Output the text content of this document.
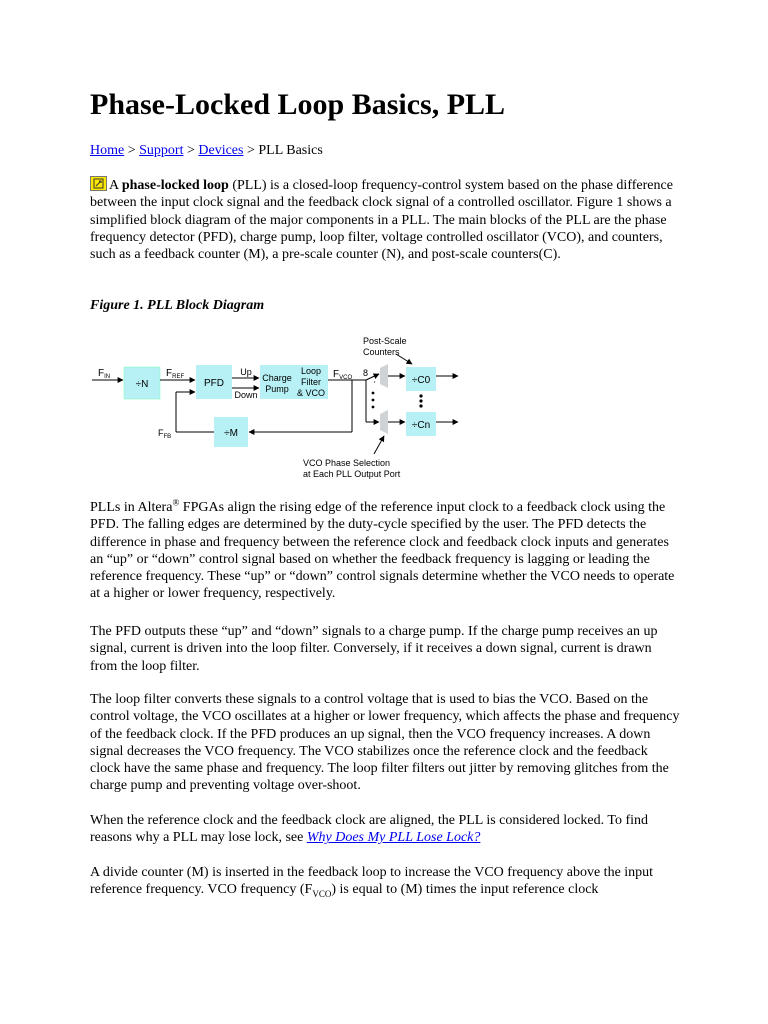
Phase-Locked Loop Basics, PLL
Home > Support > Devices > PLL Basics

A phase-locked loop (PLL) is a closed-loop frequency-control system based on the phase difference between the input clock signal and the feedback clock signal of a controlled oscillator. Figure 1 shows a simplified block diagram of the major components in a PLL. The main blocks of the PLL are the phase frequency detector (PFD), charge pump, loop filter, voltage controlled oscillator (VCO), and counters, such as a feedback counter (M), a pre-scale counter (N), and post-scale counters(C).

Figure 1. PLL Block Diagram

PLLs in Altera® FPGAs align the rising edge of the reference input clock to a feedback clock using the PFD. The falling edges are determined by the duty-cycle specified by the user. The PFD detects the difference in phase and frequency between the reference clock and feedback clock inputs and generates an “up” or “down” control signal based on whether the feedback frequency is lagging or leading the reference frequency. These “up” or “down” control signals determine whether the VCO needs to operate at a higher or lower frequency, respectively.

The PFD outputs these “up” and “down” signals to a charge pump. If the charge pump receives an up signal, current is driven into the loop filter. Conversely, if it receives a down signal, current is drawn from the loop filter.

The loop filter converts these signals to a control voltage that is used to bias the VCO. Based on the control voltage, the VCO oscillates at a higher or lower frequency, which affects the phase and frequency of the feedback clock. If the PFD produces an up signal, then the VCO frequency increases. A down signal decreases the VCO frequency. The VCO stabilizes once the reference clock and the feedback clock have the same phase and frequency. The loop filter filters out jitter by removing glitches from the charge pump and preventing voltage over-shoot.

When the reference clock and the feedback clock are aligned, the PLL is considered locked. To find reasons why a PLL may lose lock, see Why Does My PLL Lose Lock?

A divide counter (M) is inserted in the feedback loop to increase the VCO frequency above the input reference frequency. VCO frequency $(F_{VCO})$ is equal to (M) times the input reference clock

$F_{IN}$	$F_{REF}$
÷N	PFD
Up
Down
Charge
Pump
Loop
Filter
& VCO
$F_{VCO}$ 8
÷M
$F_{FB}$
÷C0
÷Cn
Post-Scale
Counters
VCO Phase Selection
at Each PLL Output Port
